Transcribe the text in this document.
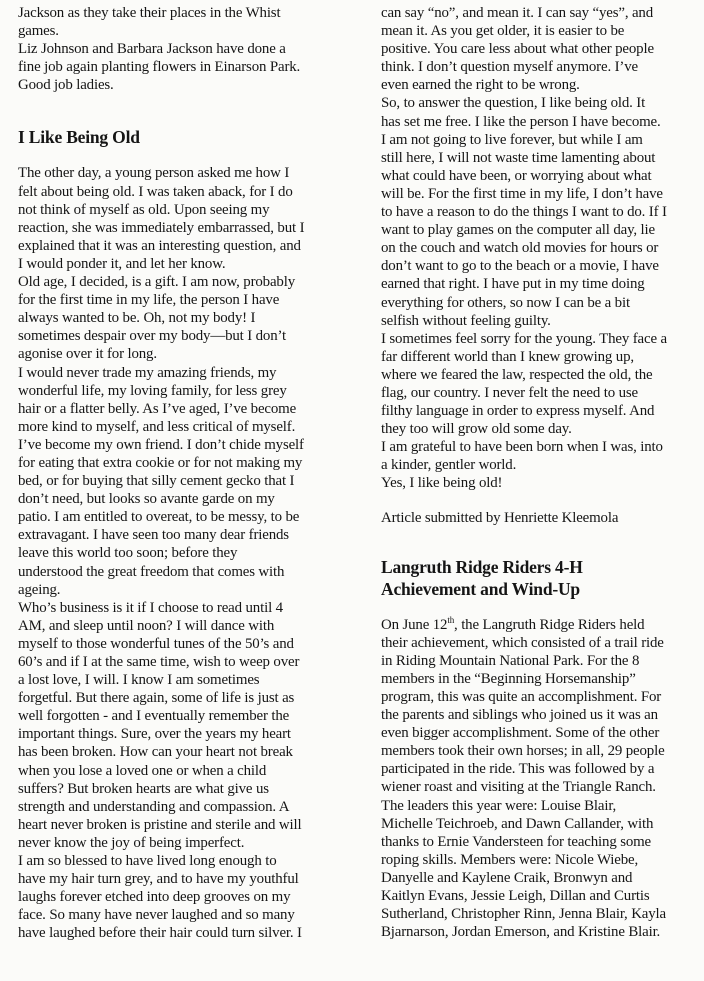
Jackson as they take their places in the Whist

games.

Liz Johnson and Barbara Jackson have done a

fine job again planting flowers in Einarson Park.

Good job ladies.

I Like Being Old

The other day, a young person asked me how I

felt about being old. I was taken aback, for I do

not think of myself as old. Upon seeing my

reaction, she was immediately embarrassed, but I

explained that it was an interesting question, and

I would ponder it, and let her know.

Old age, I decided, is a gift. I am now, probably

for the first time in my life, the person I have

always wanted to be. Oh, not my body! I

sometimes despair over my body—but I don’t

agonise over it for long.

I would never trade my amazing friends, my

wonderful life, my loving family, for less grey

hair or a flatter belly. As I’ve aged, I’ve become

more kind to myself, and less critical of myself.

I’ve become my own friend. I don’t chide myself

for eating that extra cookie or for not making my

bed, or for buying that silly cement gecko that I

don’t need, but looks so avante garde on my

patio. I am entitled to overeat, to be messy, to be

extravagant. I have seen too many dear friends

leave this world too soon; before they

understood the great freedom that comes with

ageing.

Who’s business is it if I choose to read until 4

AM, and sleep until noon? I will dance with

myself to those wonderful tunes of the 50’s and

60’s and if I at the same time, wish to weep over

a lost love, I will. I know I am sometimes

forgetful. But there again, some of life is just as

well forgotten - and I eventually remember the

important things. Sure, over the years my heart

has been broken. How can your heart not break

when you lose a loved one or when a child

suffers? But broken hearts are what give us

strength and understanding and compassion. A

heart never broken is pristine and sterile and will

never know the joy of being imperfect.

I am so blessed to have lived long enough to

have my hair turn grey, and to have my youthful

laughs forever etched into deep grooves on my

face. So many have never laughed and so many

have laughed before their hair could turn silver. I

can say “no”, and mean it. I can say “yes”, and

mean it. As you get older, it is easier to be

positive. You care less about what other people

think. I don’t question myself anymore. I’ve

even earned the right to be wrong.

So, to answer the question, I like being old. It

has set me free. I like the person I have become.

I am not going to live forever, but while I am

still here, I will not waste time lamenting about

what could have been, or worrying about what

will be. For the first time in my life, I don’t have

to have a reason to do the things I want to do. If I

want to play games on the computer all day, lie

on the couch and watch old movies for hours or

don’t want to go to the beach or a movie, I have

earned that right. I have put in my time doing

everything for others, so now I can be a bit

selfish without feeling guilty.

I sometimes feel sorry for the young. They face a

far different world than I knew growing up,

where we feared the law, respected the old, the

flag, our country. I never felt the need to use

filthy language in order to express myself. And

they too will grow old some day.

I am grateful to have been born when I was, into

a kinder, gentler world.

Yes, I like being old!

Article submitted by Henriette Kleemola

Langruth Ridge Riders 4-H
Achievement and Wind-Up

On June 12th, the Langruth Ridge Riders held

their achievement, which consisted of a trail ride

in Riding Mountain National Park. For the 8

members in the “Beginning Horsemanship”

program, this was quite an accomplishment. For

the parents and siblings who joined us it was an

even bigger accomplishment. Some of the other

members took their own horses; in all, 29 people

participated in the ride. This was followed by a

wiener roast and visiting at the Triangle Ranch.

The leaders this year were: Louise Blair,

Michelle Teichroeb, and Dawn Callander, with

thanks to Ernie Vandersteen for teaching some

roping skills. Members were: Nicole Wiebe,

Danyelle and Kaylene Craik, Bronwyn and

Kaitlyn Evans, Jessie Leigh, Dillan and Curtis

Sutherland, Christopher Rinn, Jenna Blair, Kayla

Bjarnarson, Jordan Emerson, and Kristine Blair.
